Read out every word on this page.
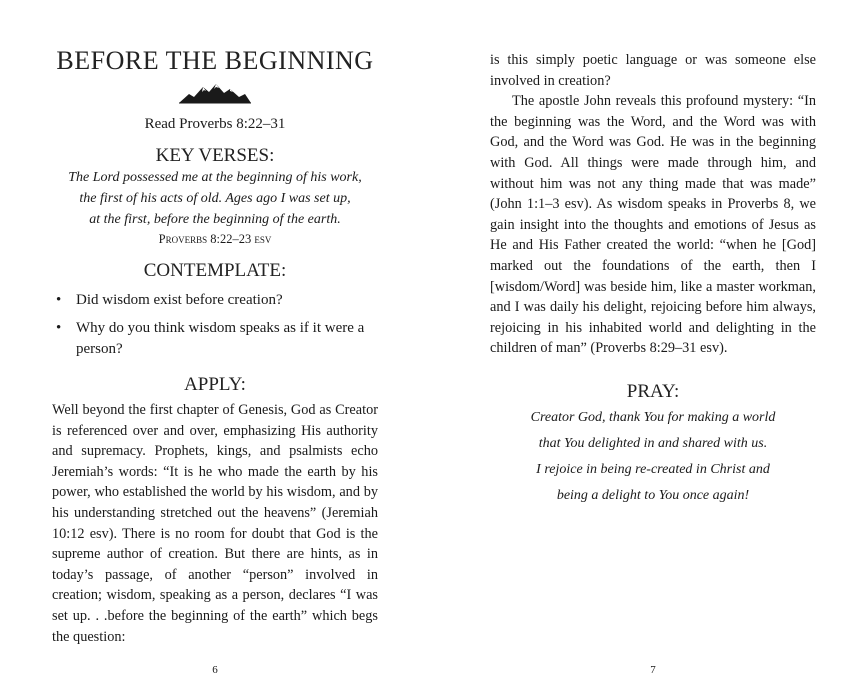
BEFORE THE BEGINNING
Read Proverbs 8:22–31
KEY VERSES:
The Lord possessed me at the beginning of his work,
the first of his acts of old. Ages ago I was set up,
at the first, before the beginning of the earth.
Proverbs 8:22–23 esv
CONTEMPLATE:
• Did wisdom exist before creation?
• Why do you think wisdom speaks as if it were a person?
APPLY:

Well beyond the first chapter of Genesis, God as Creator is referenced over and over, emphasizing His authority and supremacy. Prophets, kings, and psalmists echo Jeremiah’s words: “It is he who made the earth by his power, who established the world by his wisdom, and by his understanding stretched out the heavens” (Jeremiah 10:12 esv). There is no room for doubt that God is the supreme author of creation. But there are hints, as in today’s passage, of another “person” involved in creation; wisdom, speaking as a person, declares “I was set up. . .before the beginning of the earth” which begs the question:

6

is this simply poetic language or was someone else involved in creation?

The apostle John reveals this profound mystery: “In the beginning was the Word, and the Word was with God, and the Word was God. He was in the beginning with God. All things were made through him, and without him was not any thing made that was made” (John 1:1–3 esv). As wisdom speaks in Proverbs 8, we gain insight into the thoughts and emotions of Jesus as He and His Father created the world: “when he [God] marked out the foundations of the earth, then I [wisdom/Word] was beside him, like a master workman, and I was daily his delight, rejoicing before him always, rejoicing in his inhabited world and delighting in the children of man” (Proverbs 8:29–31 esv).

PRAY:
Creator God, thank You for making a world
that You delighted in and shared with us.
I rejoice in being re-created in Christ and
being a delight to You once again!
7
